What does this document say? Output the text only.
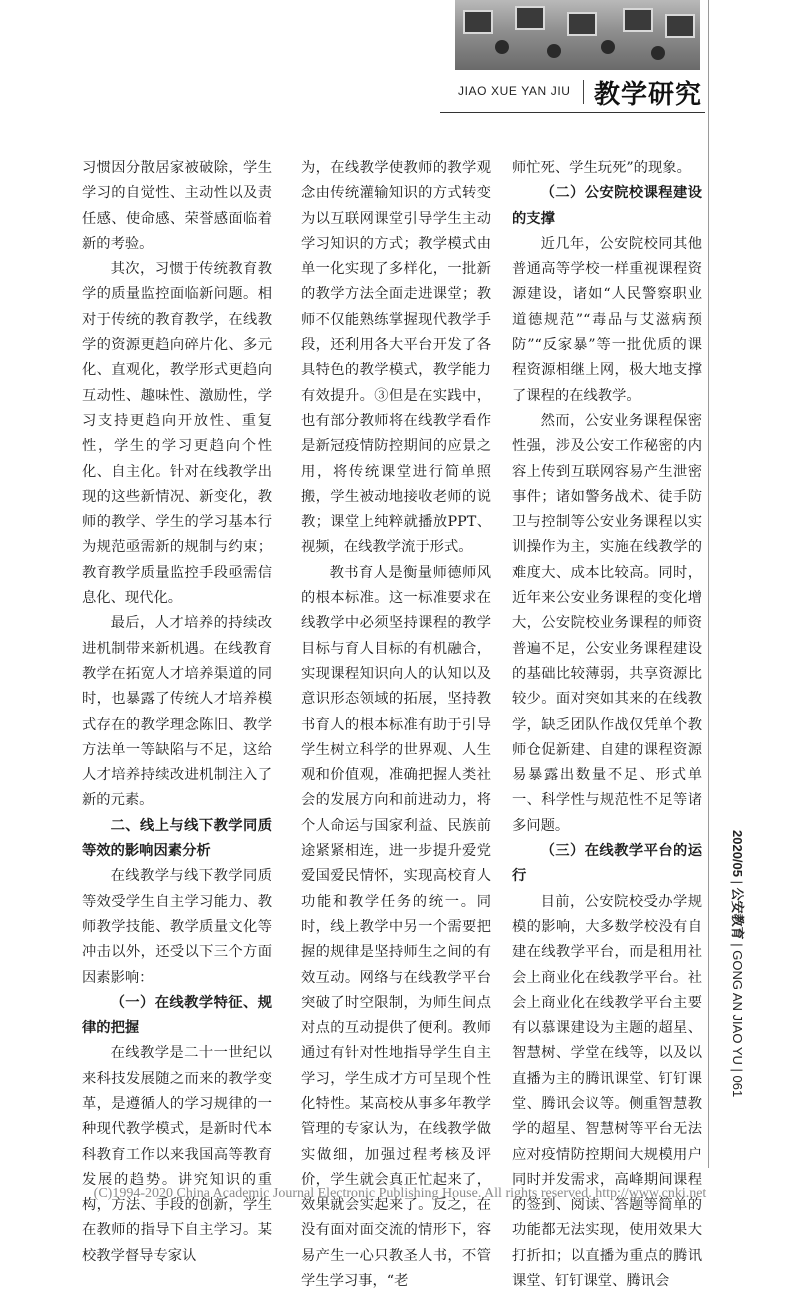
JIAO XUE YAN JIU 教学研究

习惯因分散居家被破除，学生学习的自觉性、主动性以及责任感、使命感、荣誉感面临着新的考验。

其次，习惯于传统教育教学的质量监控面临新问题。相对于传统的教育教学，在线教学的资源更趋向碎片化、多元化、直观化，教学形式更趋向互动性、趣味性、激励性，学习支持更趋向开放性、重复性，学生的学习更趋向个性化、自主化。针对在线教学出现的这些新情况、新变化，教师的教学、学生的学习基本行为规范亟需新的规制与约束；教育教学质量监控手段亟需信息化、现代化。

最后，人才培养的持续改进机制带来新机遇。在线教育教学在拓宽人才培养渠道的同时，也暴露了传统人才培养模式存在的教学理念陈旧、教学方法单一等缺陷与不足，这给人才培养持续改进机制注入了新的元素。

二、线上与线下教学同质等效的影响因素分析

在线教学与线下教学同质等效受学生自主学习能力、教师教学技能、教学质量文化等冲击以外，还受以下三个方面因素影响：

（一）在线教学特征、规律的把握

在线教学是二十一世纪以来科技发展随之而来的教学变革，是遵循人的学习规律的一种现代教学模式，是新时代本科教育工作以来我国高等教育发展的趋势。讲究知识的重构，方法、手段的创新，学生在教师的指导下自主学习。某校教学督导专家认

为，在线教学使教师的教学观念由传统灌输知识的方式转变为以互联网课堂引导学生主动学习知识的方式；教学模式由单一化实现了多样化，一批新的教学方法全面走进课堂；教师不仅能熟练掌握现代教学手段，还利用各大平台开发了各具特色的教学模式，教学能力有效提升。③但是在实践中，也有部分教师将在线教学看作是新冠疫情防控期间的应景之用，将传统课堂进行简单照搬，学生被动地接收老师的说教；课堂上纯粹就播放PPT、视频，在线教学流于形式。

教书育人是衡量师德师风的根本标准。这一标准要求在线教学中必须坚持课程的教学目标与育人目标的有机融合，实现课程知识向人的认知以及意识形态领域的拓展，坚持教书育人的根本标准有助于引导学生树立科学的世界观、人生观和价值观，准确把握人类社会的发展方向和前进动力，将个人命运与国家利益、民族前途紧紧相连，进一步提升爱党爱国爱民情怀，实现高校育人功能和教学任务的统一。同时，线上教学中另一个需要把握的规律是坚持师生之间的有效互动。网络与在线教学平台突破了时空限制，为师生间点对点的互动提供了便利。教师通过有针对性地指导学生自主学习，学生成才方可呈现个性化特性。某高校从事多年教学管理的专家认为，在线教学做实做细，加强过程考核及评价，学生就会真正忙起来了，效果就会实起来了。反之，在没有面对面交流的情形下，容易产生一心只教圣人书，不管学生学习事，“老

师忙死、学生玩死”的现象。

（二）公安院校课程建设的支撑

近几年，公安院校同其他普通高等学校一样重视课程资源建设，诸如“人民警察职业道德规范”“毒品与艾滋病预防”“反家暴”等一批优质的课程资源相继上网，极大地支撑了课程的在线教学。

然而，公安业务课程保密性强，涉及公安工作秘密的内容上传到互联网容易产生泄密事件；诸如警务战术、徒手防卫与控制等公安业务课程以实训操作为主，实施在线教学的难度大、成本比较高。同时，近年来公安业务课程的变化增大，公安院校业务课程的师资普遍不足，公安业务课程建设的基础比较薄弱，共享资源比较少。面对突如其来的在线教学，缺乏团队作战仅凭单个教师仓促新建、自建的课程资源易暴露出数量不足、形式单一、科学性与规范性不足等诸多问题。

（三）在线教学平台的运行

目前，公安院校受办学规模的影响，大多数学校没有自建在线教学平台，而是租用社会上商业化在线教学平台。社会上商业化在线教学平台主要有以慕课建设为主题的超星、智慧树、学堂在线等，以及以直播为主的腾讯课堂、钉钉课堂、腾讯会议等。侧重智慧教学的超星、智慧树等平台无法应对疫情防控期间大规模用户同时并发需求，高峰期间课程的签到、阅读、答题等简单的功能都无法实现，使用效果大打折扣；以直播为重点的腾讯课堂、钉钉课堂、腾讯会

2020/05 | 公安教育 | GONG AN JIAO YU | 061
(C)1994-2020 China Academic Journal Electronic Publishing House. All rights reserved. http://www.cnki.net
